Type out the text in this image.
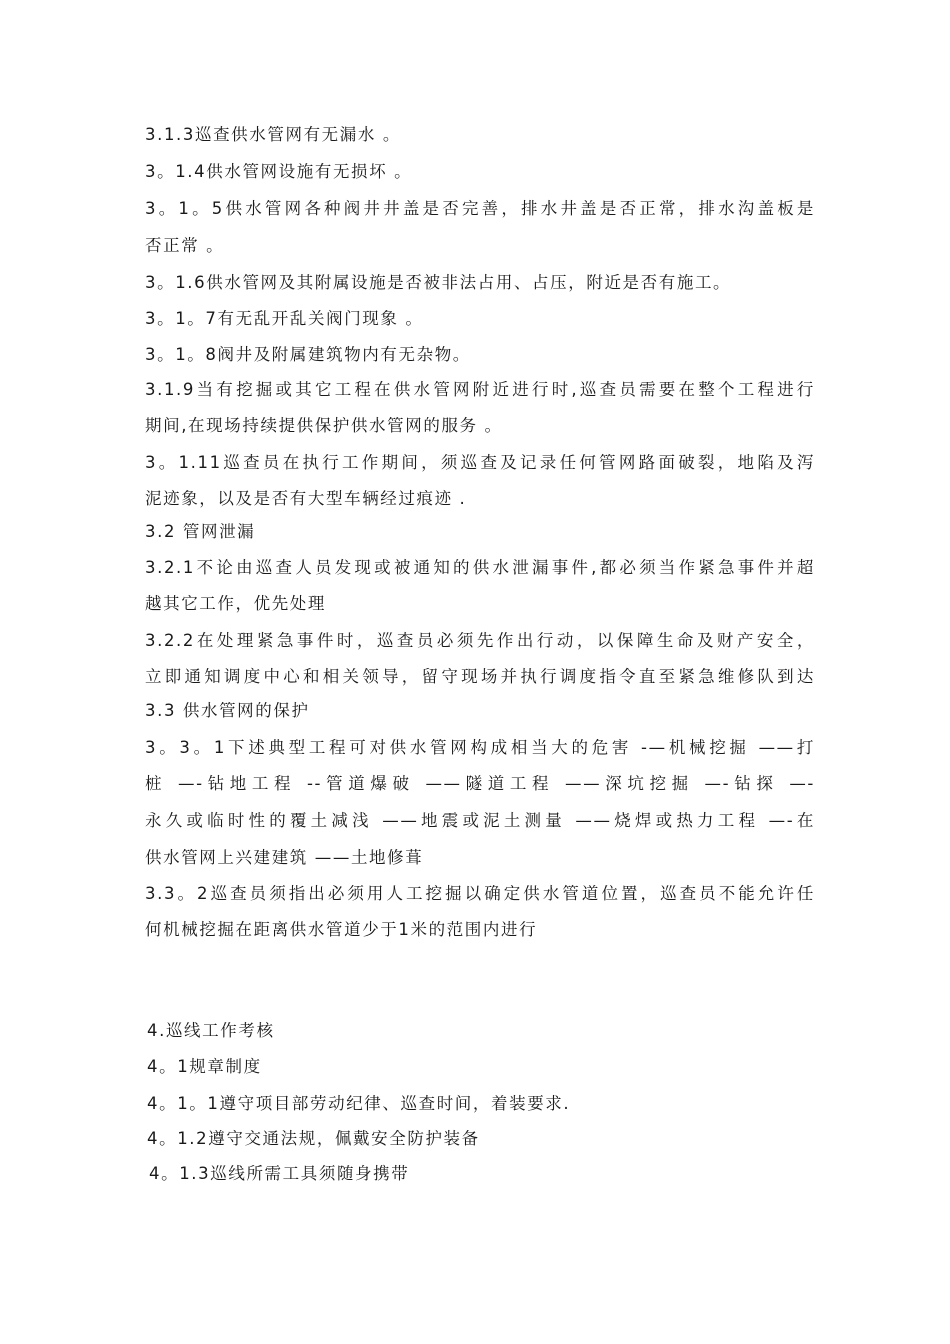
3.1.3巡查供水管网有无漏水 。
3。1.4供水管网设施有无损坏 。
3。1。5供水管网各种阀井井盖是否完善，排水井盖是否正常，排水沟盖板是
否正常 。
3。1.6供水管网及其附属设施是否被非法占用、占压，附近是否有施工。
3。1。7有无乱开乱关阀门现象 。
3。1。8阀井及附属建筑物内有无杂物。
3.1.9当有挖掘或其它工程在供水管网附近进行时,巡查员需要在整个工程进行
期间,在现场持续提供保护供水管网的服务 。
3。1.11巡查员在执行工作期间，须巡查及记录任何管网路面破裂，地陷及泻
泥迹象，以及是否有大型车辆经过痕迹 .
3.2 管网泄漏
3.2.1不论由巡查人员发现或被通知的供水泄漏事件,都必须当作紧急事件并超
越其它工作，优先处理
3.2.2在处理紧急事件时，巡查员必须先作出行动，以保障生命及财产安全，
立即通知调度中心和相关领导，留守现场并执行调度指令直至紧急维修队到达
3.3 供水管网的保护
3。3。1下述典型工程可对供水管网构成相当大的危害 -—机械挖掘 ——打
桩 —-钻地工程 --管道爆破 ——隧道工程 ——深坑挖掘 —-钻探 —-
永久或临时性的覆土减浅 ——地震或泥土测量 ——烧焊或热力工程 —-在
供水管网上兴建建筑 ——土地修葺
3.3。2巡查员须指出必须用人工挖掘以确定供水管道位置，巡查员不能允许任
何机械挖掘在距离供水管道少于1米的范围内进行
4.巡线工作考核
4。1规章制度
4。1。1遵守项目部劳动纪律、巡查时间，着装要求.
4。1.2遵守交通法规，佩戴安全防护装备
4。1.3巡线所需工具须随身携带
